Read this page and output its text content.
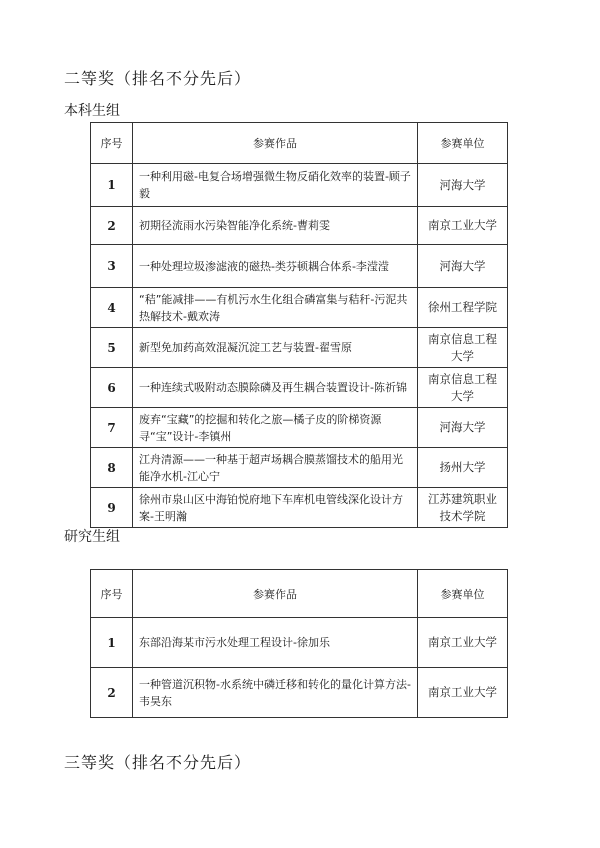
二等奖（排名不分先后）
本科生组
序号	参赛作品	参赛单位
1	一种利用磁-电复合场增强微生物反硝化效率的装置-顾子毅	河海大学
2	初期径流雨水污染智能净化系统-曹莉雯	南京工业大学
3	一种处理垃圾渗滤液的磁热-类芬顿耦合体系-李滢滢	河海大学
4	“秸”能减排——有机污水生化组合磷富集与秸秆-污泥共热解技术-戴欢涛	徐州工程学院
5	新型免加药高效混凝沉淀工艺与装置-翟雪原	南京信息工程大学
6	一种连续式吸附动态膜除磷及再生耦合装置设计-陈祈锦	南京信息工程大学
7	废弃“宝藏”的挖掘和转化之旅—橘子皮的阶梯资源寻“宝”设计-李镇州	河海大学
8	江舟清源——一种基于超声场耦合膜蒸馏技术的船用光能净水机-江心宁	扬州大学
9	徐州市泉山区中海铂悦府地下车库机电管线深化设计方案-王明瀚	江苏建筑职业技术学院
研究生组
序号	参赛作品	参赛单位
1	东部沿海某市污水处理工程设计-徐加乐	南京工业大学
2	一种管道沉积物-水系统中磷迁移和转化的量化计算方法-韦昊东	南京工业大学
三等奖（排名不分先后）
